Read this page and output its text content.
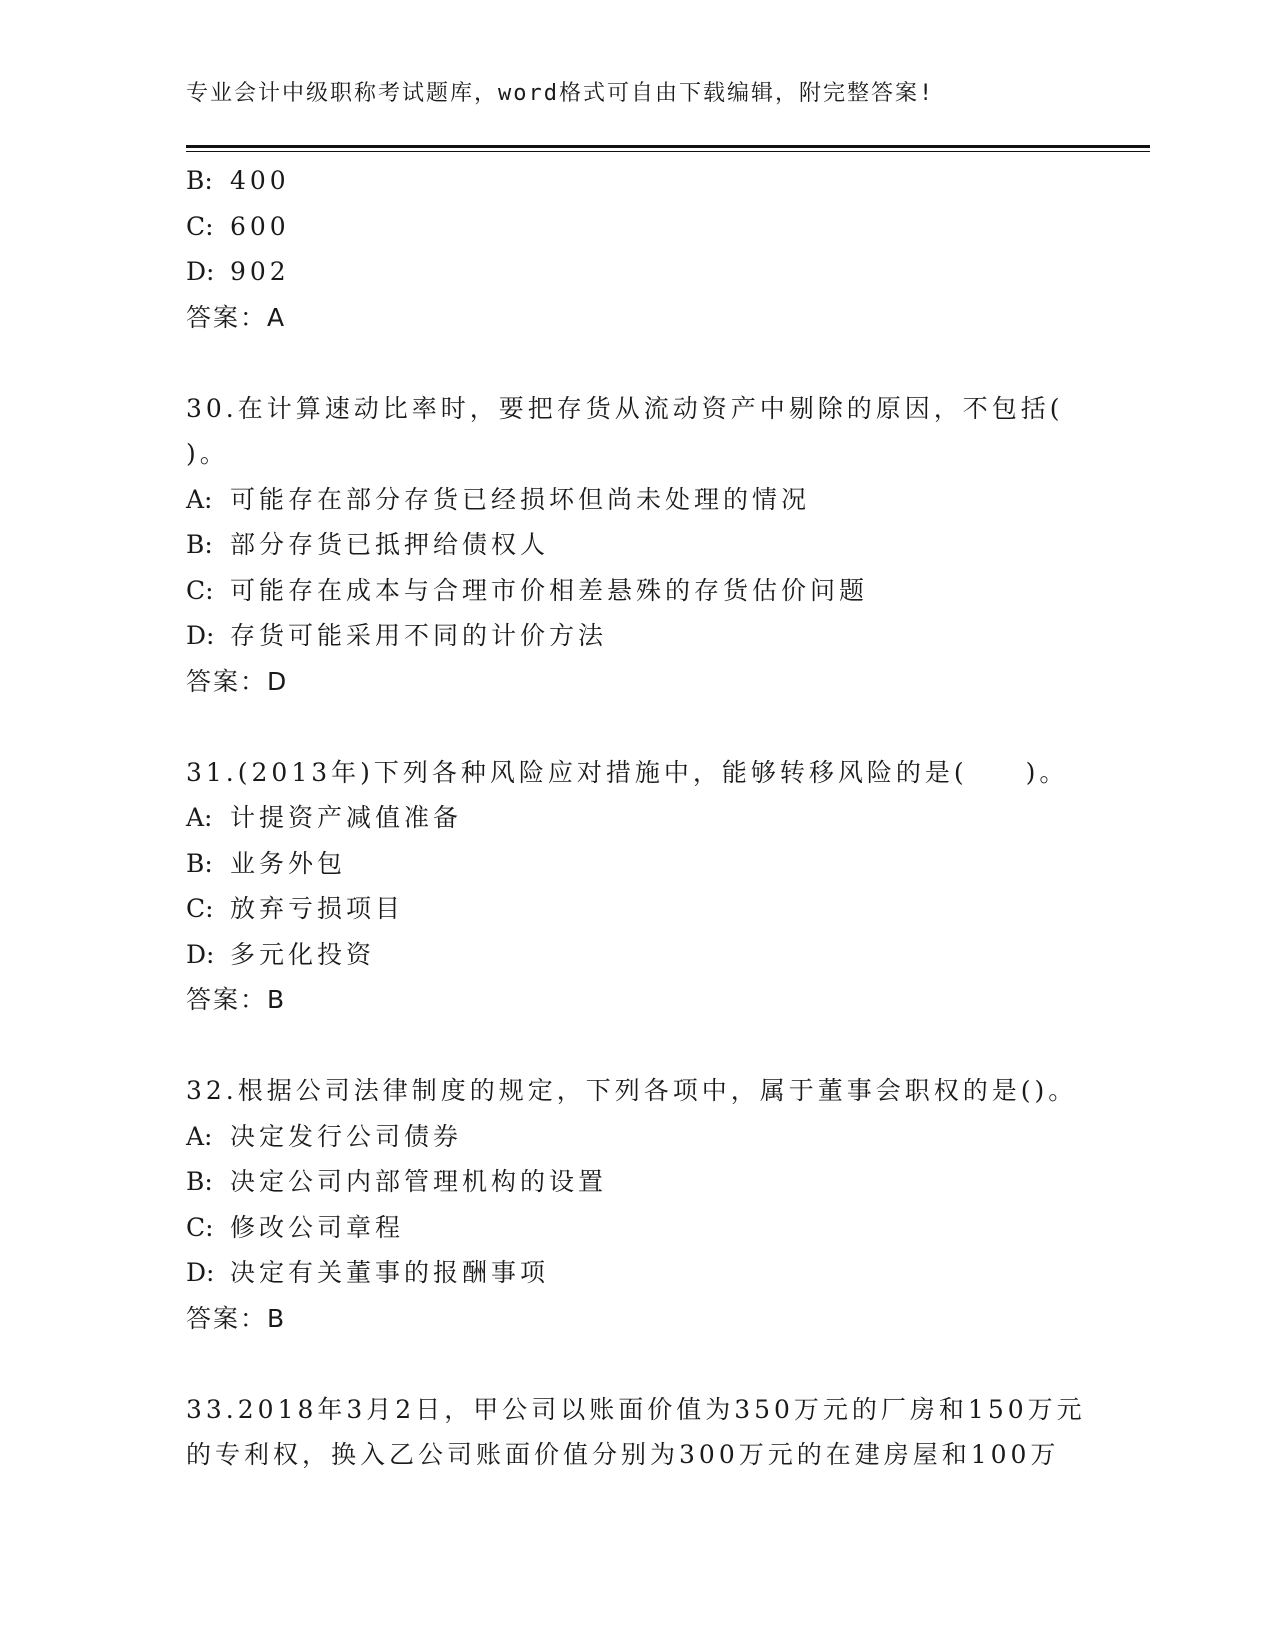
专业会计中级职称考试题库，word格式可自由下载编辑，附完整答案!
B: 400
C: 600
D: 902
答案：A
30.在计算速动比率时，要把存货从流动资产中剔除的原因，不包括(
)。
A: 可能存在部分存货已经损坏但尚未处理的情况
B: 部分存货已抵押给债权人
C: 可能存在成本与合理市价相差悬殊的存货估价问题
D: 存货可能采用不同的计价方法
答案：D
31.(2013年)下列各种风险应对措施中，能够转移风险的是(　　)。
A: 计提资产减值准备
B: 业务外包
C: 放弃亏损项目
D: 多元化投资
答案：B
32.根据公司法律制度的规定，下列各项中，属于董事会职权的是()。
A: 决定发行公司债券
B: 决定公司内部管理机构的设置
C: 修改公司章程
D: 决定有关董事的报酬事项
答案：B
33.2018年3月2日，甲公司以账面价值为350万元的厂房和150万元
的专利权，换入乙公司账面价值分别为300万元的在建房屋和100万
